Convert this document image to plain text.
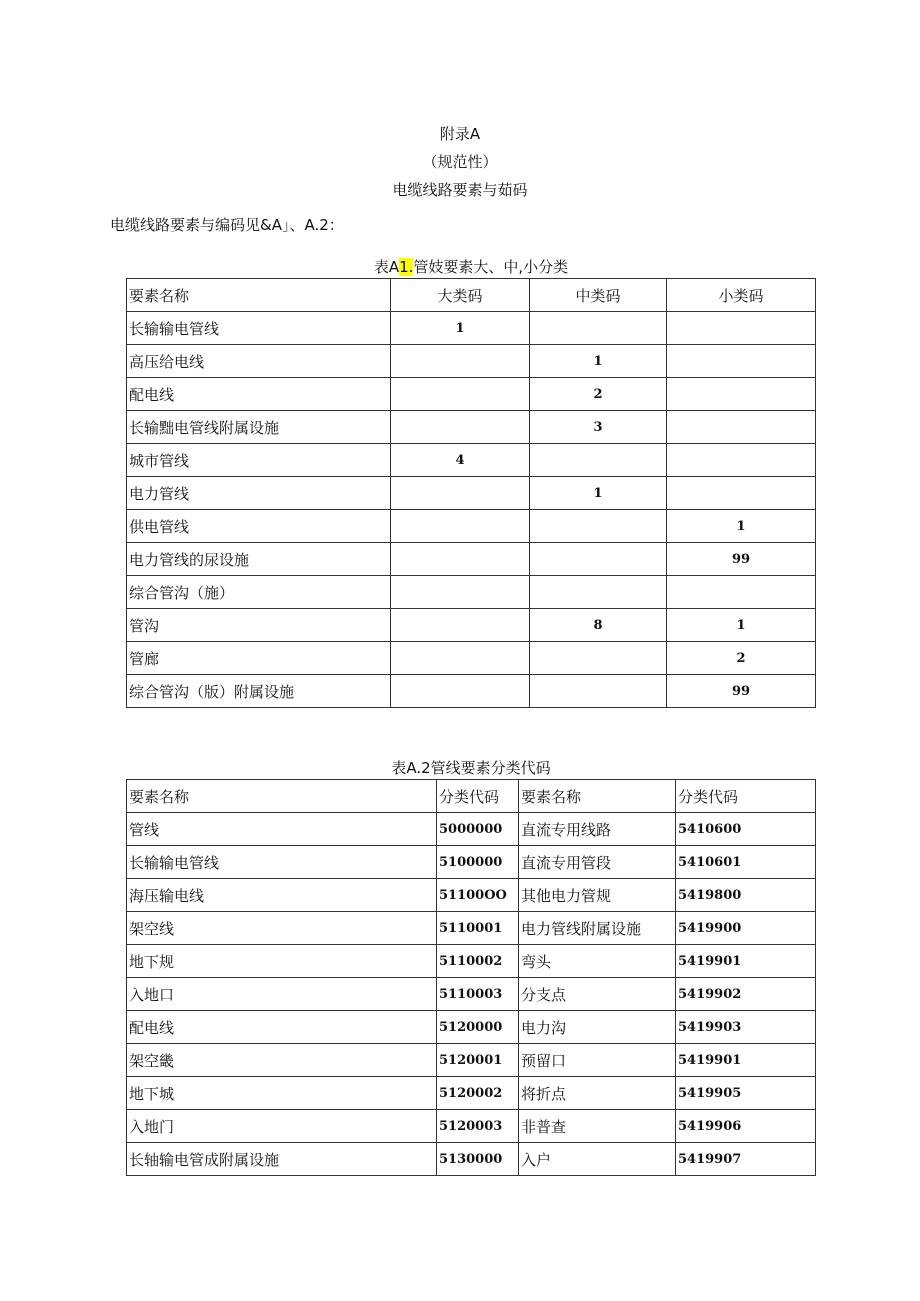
附录A
（规范性）
电缆线路要素与茹码
电缆线路要素与编码见&A」、A.2：
表A1.管妓要素大、中,小分类
要素名称	大类码	中类码	小类码
长输输电管线	1		
高压给电线		1	
配电线		2	
长输黜电管线附属设施		3	
城市管线	4		
电力管线		1	
供电管线			1
电力管线的尿设施			99
综合管沟（施）			
管沟		8	1
管廊			2
综合管沟（版）附属设施			99
表A.2管线要素分类代码
要素名称	分类代码	要素名称	分类代码
管线	5000000	直流专用线路	5410600
长输输电管线	5100000	直流专用管段	5410601
海压输电线	51100OO	其他电力管规	5419800
架空线	5110001	电力管线附属设施	5419900
地下规	5110002	弯头	5419901
入地口	5110003	分支点	5419902
配电线	5120000	电力沟	5419903
架空畿	5120001	预留口	5419901
地下城	5120002	将折点	5419905
入地门	5120003	非普查	5419906
长轴输电管成附属设施	5130000	入户	5419907
